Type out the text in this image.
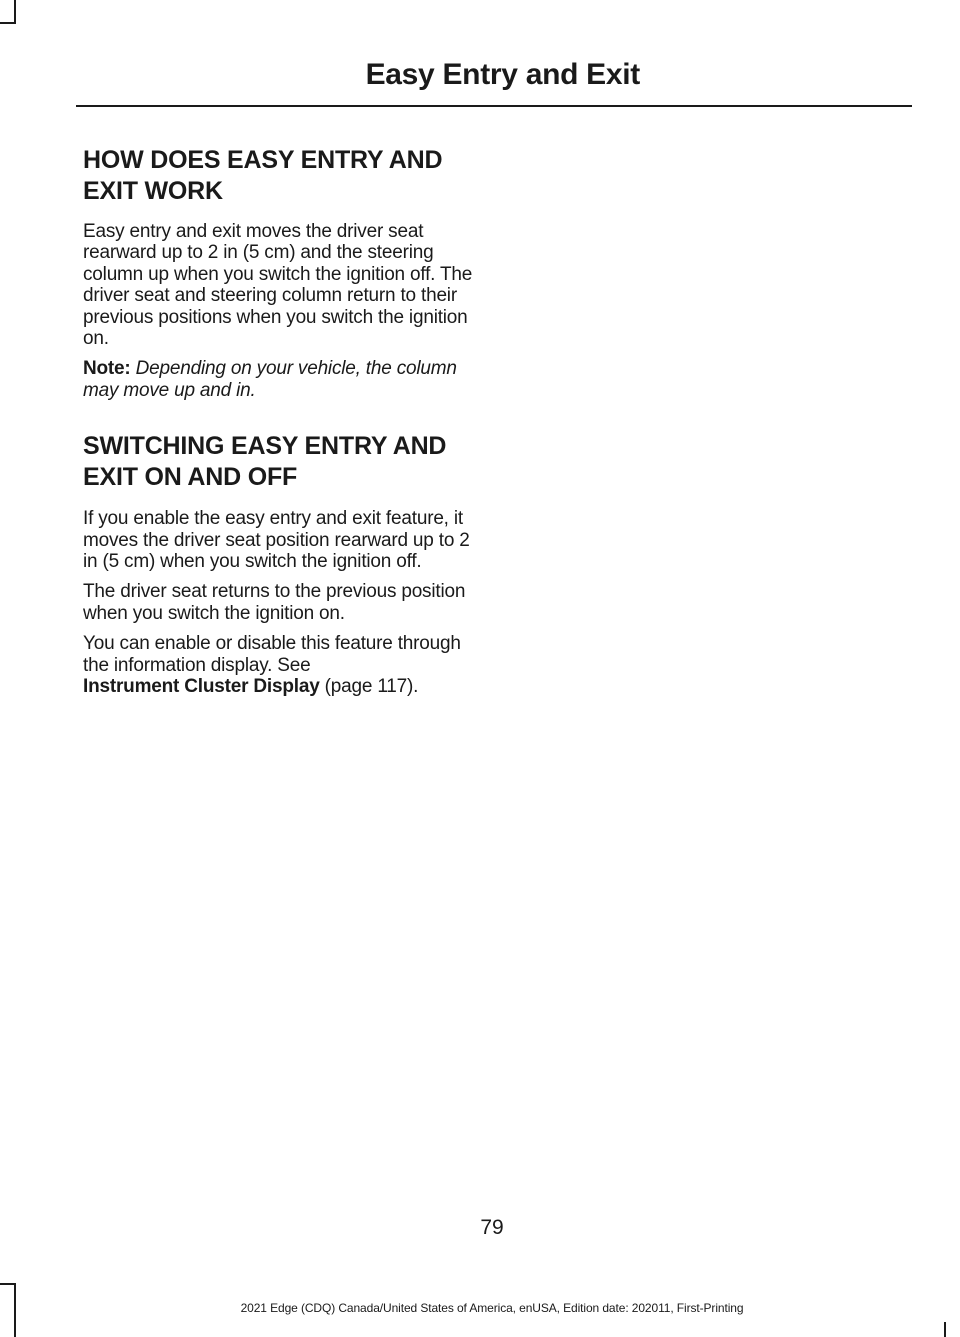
Easy Entry and Exit
HOW DOES EASY ENTRY AND
EXIT WORK

Easy entry and exit moves the driver seat rearward up to 2 in (5 cm) and the steering column up when you switch the ignition off. The driver seat and steering column return to their previous positions when you switch the ignition on.

Note: Depending on your vehicle, the column may move up and in.

SWITCHING EASY ENTRY AND
EXIT ON AND OFF

If you enable the easy entry and exit feature, it moves the driver seat position rearward up to 2 in (5 cm) when you switch the ignition off.

The driver seat returns to the previous position when you switch the ignition on.

You can enable or disable this feature through the information display. See
Instrument Cluster Display (page 117).

79
2021 Edge (CDQ) Canada/United States of America, enUSA, Edition date: 202011, First-Printing
